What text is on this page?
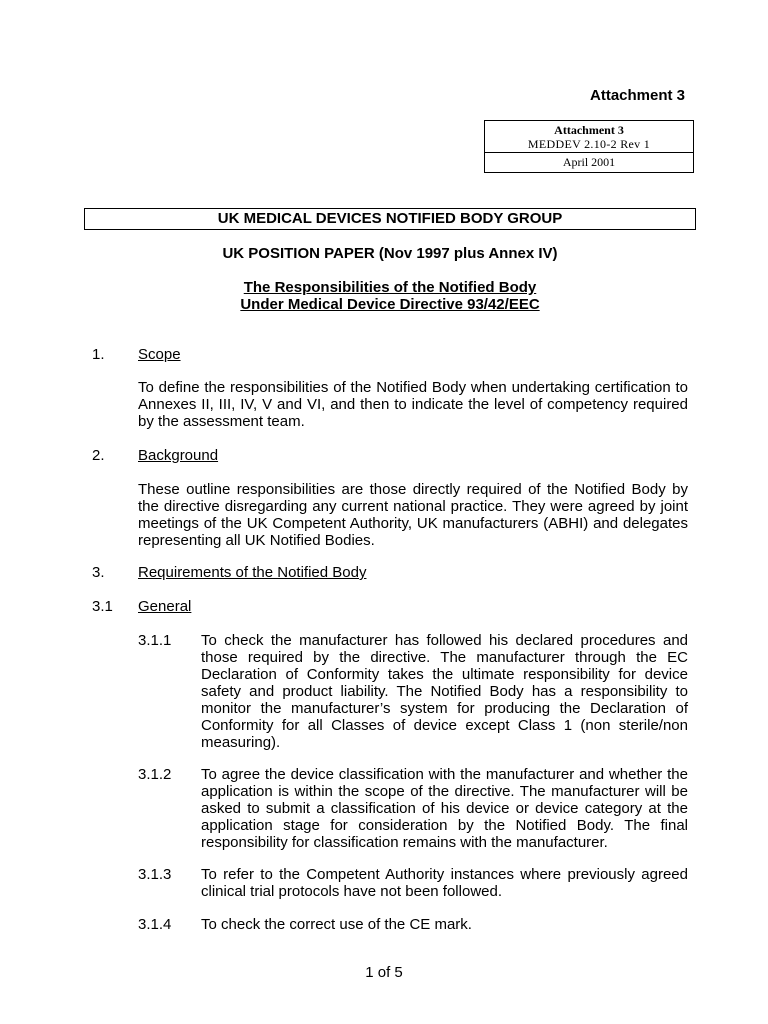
Attachment 3
Attachment 3
MEDDEV 2.10-2 Rev 1
April 2001
UK MEDICAL DEVICES NOTIFIED BODY GROUP
UK POSITION PAPER (Nov 1997 plus Annex IV)
The Responsibilities of the Notified Body
Under Medical Device Directive 93/42/EEC
1. Scope
To define the responsibilities of the Notified Body when undertaking certification to Annexes II, III, IV, V and VI, and then to indicate the level of competency required by the assessment team.
2. Background
These outline responsibilities are those directly required of the Notified Body by the directive disregarding any current national practice. They were agreed by joint meetings of the UK Competent Authority, UK manufacturers (ABHI) and delegates representing all UK Notified Bodies.
3. Requirements of the Notified Body
3.1 General
3.1.1 To check the manufacturer has followed his declared procedures and those required by the directive. The manufacturer through the EC Declaration of Conformity takes the ultimate responsibility for device safety and product liability. The Notified Body has a responsibility to monitor the manufacturer’s system for producing the Declaration of Conformity for all Classes of device except Class 1 (non sterile/non measuring).
3.1.2 To agree the device classification with the manufacturer and whether the application is within the scope of the directive. The manufacturer will be asked to submit a classification of his device or device category at the application stage for consideration by the Notified Body. The final responsibility for classification remains with the manufacturer.
3.1.3 To refer to the Competent Authority instances where previously agreed clinical trial protocols have not been followed.
3.1.4 To check the correct use of the CE mark.
1 of 5
